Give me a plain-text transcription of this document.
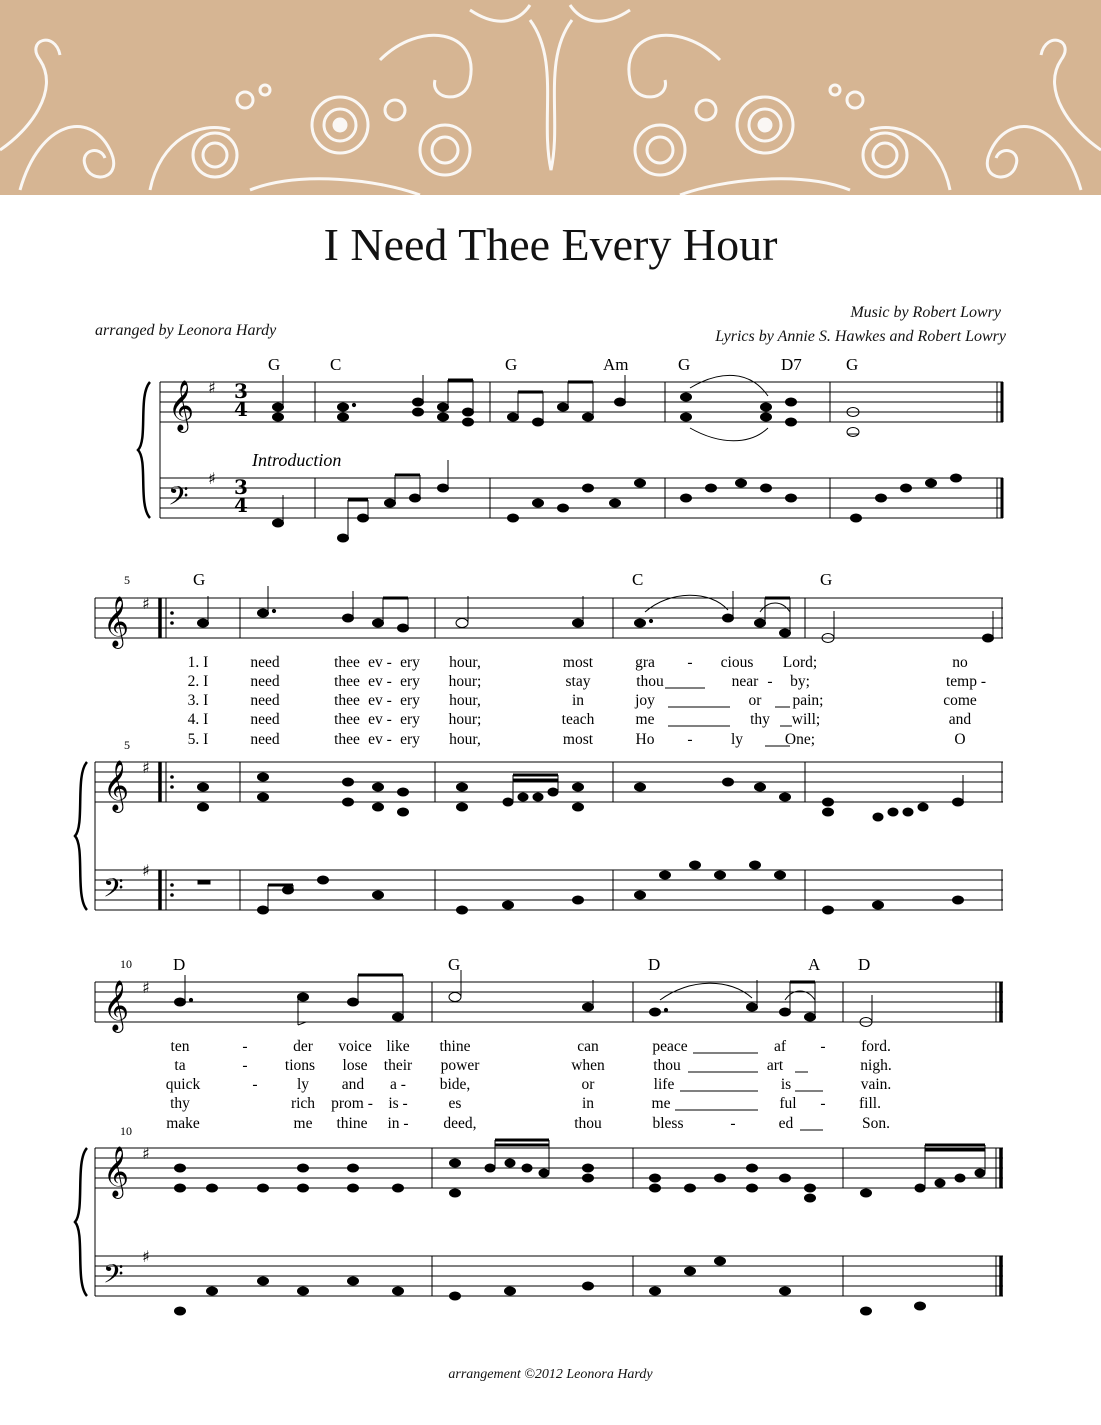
I Need Thee Every Hour
Music by Robert Lowry
Lyrics by Annie S. Hawkes and Robert Lowry
arranged by Leonora Hardy
arrangement ©2012 Leonora Hardy
𝄞
𝄢
♯
♯
3
4
3
4
G	C	G	Am	G	D7	G
Introduction
𝄞 ♯
𝄞 ♯
𝄢
♯
5
5
G	C	G
1. I	need	thee ev - ery hour,	most	gra - cious Lord;	no
2. I	need	thee ev - ery hour;	stay	thou	near - by;	temp -
3. I	need	thee ev - ery hour,	in	joy	or pain;	come
4. I	need	thee ev - ery hour;	teach	me	thy will;	and
5. I	need	thee ev - ery hour,	most	Ho - ly	One;	O
𝄞 ♯
𝄞 ♯
𝄢
♯
10
10
D	G	D	A D
ten	-	der voice like thine	can	peace	af - ford.
ta	- tions lose their power	when	thou	art	nigh.
quick	-	ly and a - bide,	or	life	is	vain.
thy	rich prom - is -	es	in	me	ful - fill.
make	me thine in - deed,	thou	bless	-	ed	Son.
